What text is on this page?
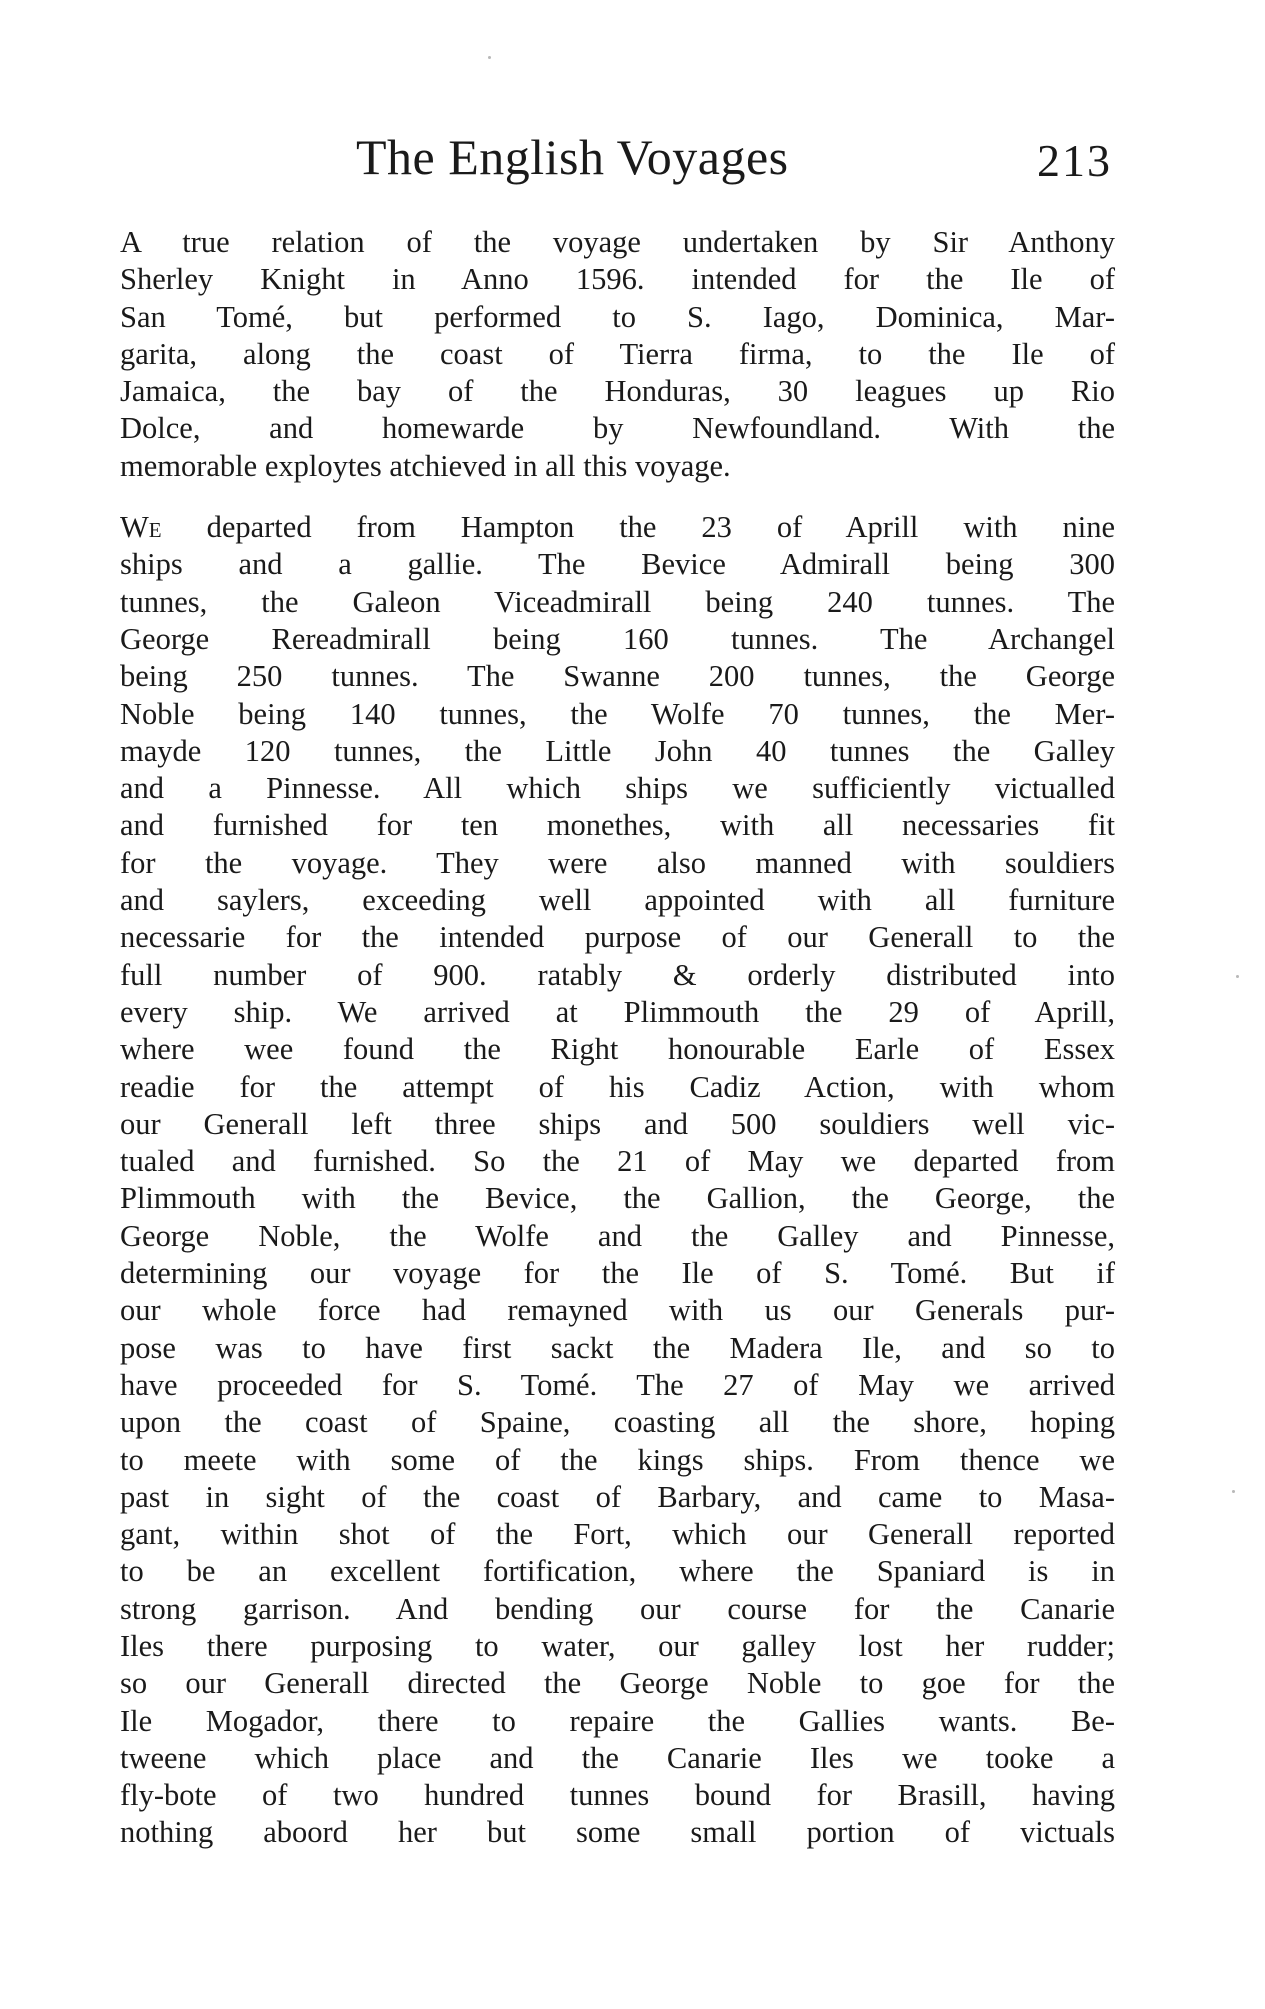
The English Voyages	213

A true relation of the voyage undertaken by Sir Anthony
Sherley Knight in Anno 1596. intended for the Ile of
San Tomé, but performed to S. Iago, Dominica, Mar-
garita, along the coast of Tierra firma, to the Ile of
Jamaica, the bay of the Honduras, 30 leagues up Rio
Dolce, and homewarde by Newfoundland. With the
memorable exploytes atchieved in all this voyage.

We departed from Hampton the 23 of Aprill with nine
ships and a gallie. The Bevice Admirall being 300
tunnes, the Galeon Viceadmirall being 240 tunnes. The
George Rereadmirall being 160 tunnes. The Archangel
being 250 tunnes. The Swanne 200 tunnes, the George
Noble being 140 tunnes, the Wolfe 70 tunnes, the Mer-
mayde 120 tunnes, the Little John 40 tunnes the Galley
and a Pinnesse. All which ships we sufficiently victualled
and furnished for ten monethes, with all necessaries fit
for the voyage. They were also manned with souldiers
and saylers, exceeding well appointed with all furniture
necessarie for the intended purpose of our Generall to the
full number of 900. ratably & orderly distributed into
every ship. We arrived at Plimmouth the 29 of Aprill,
where wee found the Right honourable Earle of Essex
readie for the attempt of his Cadiz Action, with whom
our Generall left three ships and 500 souldiers well vic-
tualed and furnished. So the 21 of May we departed from
Plimmouth with the Bevice, the Gallion, the George, the
George Noble, the Wolfe and the Galley and Pinnesse,
determining our voyage for the Ile of S. Tomé. But if
our whole force had remayned with us our Generals pur-
pose was to have first sackt the Madera Ile, and so to
have proceeded for S. Tomé. The 27 of May we arrived
upon the coast of Spaine, coasting all the shore, hoping
to meete with some of the kings ships. From thence we
past in sight of the coast of Barbary, and came to Masa-
gant, within shot of the Fort, which our Generall reported
to be an excellent fortification, where the Spaniard is in
strong garrison. And bending our course for the Canarie
Iles there purposing to water, our galley lost her rudder;
so our Generall directed the George Noble to goe for the
Ile Mogador, there to repaire the Gallies wants. Be-
tweene which place and the Canarie Iles we tooke a
fly-bote of two hundred tunnes bound for Brasill, having
nothing aboord her but some small portion of victuals
